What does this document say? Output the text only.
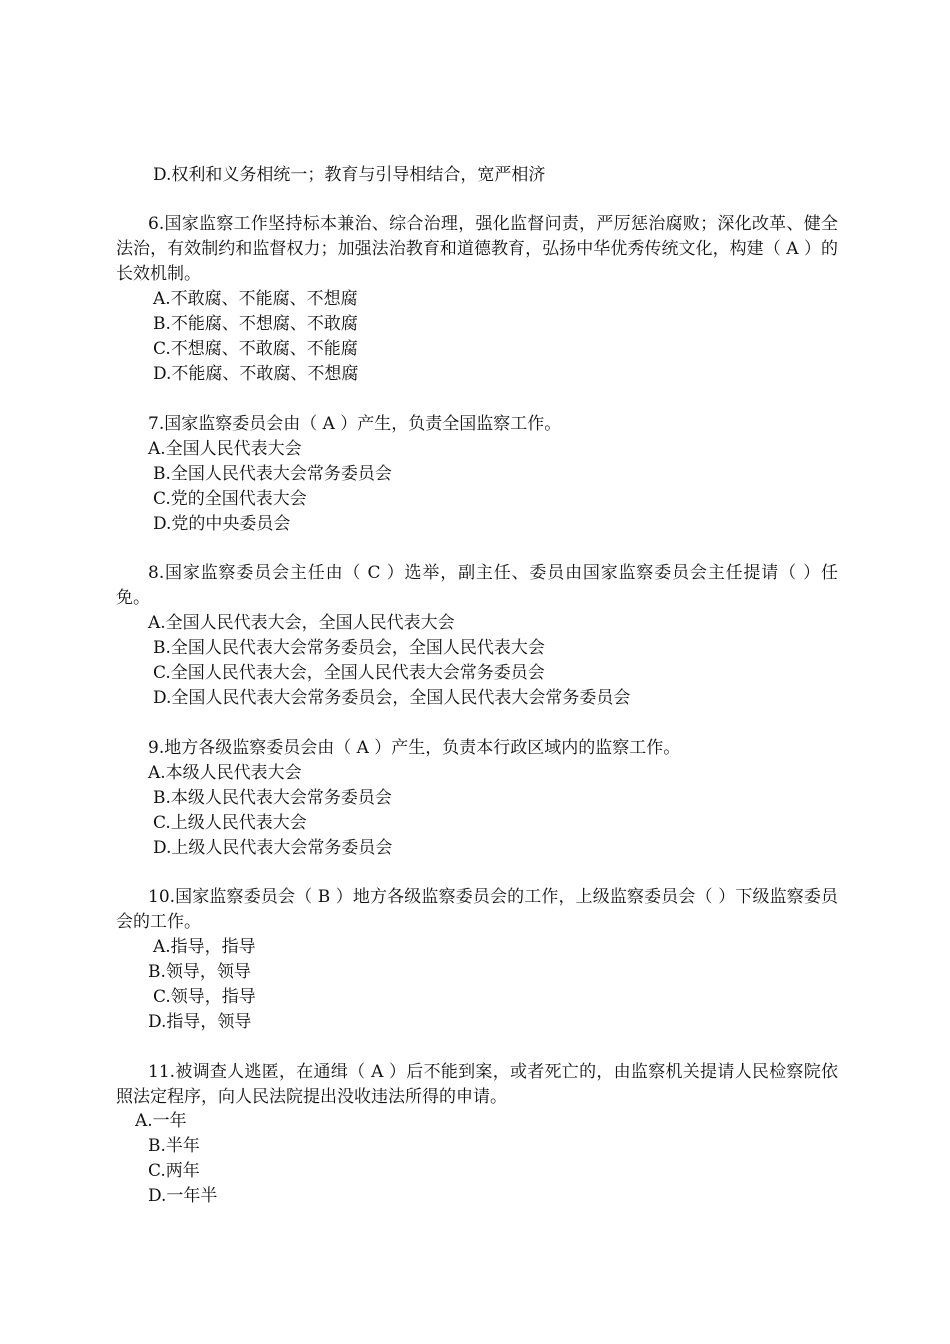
D.权利和义务相统一；教育与引导相结合，宽严相济
6.国家监察工作坚持标本兼治、综合治理，强化监督问责，严厉惩治腐败；深化改革、健全法治，有效制约和监督权力；加强法治教育和道德教育，弘扬中华优秀传统文化，构建（ A ）的长效机制。
A.不敢腐、不能腐、不想腐
B.不能腐、不想腐、不敢腐
C.不想腐、不敢腐、不能腐
D.不能腐、不敢腐、不想腐
7.国家监察委员会由（ A ）产生，负责全国监察工作。
A.全国人民代表大会
B.全国人民代表大会常务委员会
C.党的全国代表大会
D.党的中央委员会
8.国家监察委员会主任由（ C ）选举，副主任、委员由国家监察委员会主任提请（ ）任免。
A.全国人民代表大会，全国人民代表大会
B.全国人民代表大会常务委员会，全国人民代表大会
C.全国人民代表大会，全国人民代表大会常务委员会
D.全国人民代表大会常务委员会，全国人民代表大会常务委员会
9.地方各级监察委员会由（ A ）产生，负责本行政区域内的监察工作。
A.本级人民代表大会
B.本级人民代表大会常务委员会
C.上级人民代表大会
D.上级人民代表大会常务委员会
10.国家监察委员会（ B ）地方各级监察委员会的工作，上级监察委员会（ ）下级监察委员会的工作。
A.指导，指导
B.领导，领导
C.领导，指导
D.指导，领导
11.被调查人逃匿，在通缉（ A ）后不能到案，或者死亡的，由监察机关提请人民检察院依照法定程序，向人民法院提出没收违法所得的申请。
A.一年
B.半年
C.两年
D.一年半
